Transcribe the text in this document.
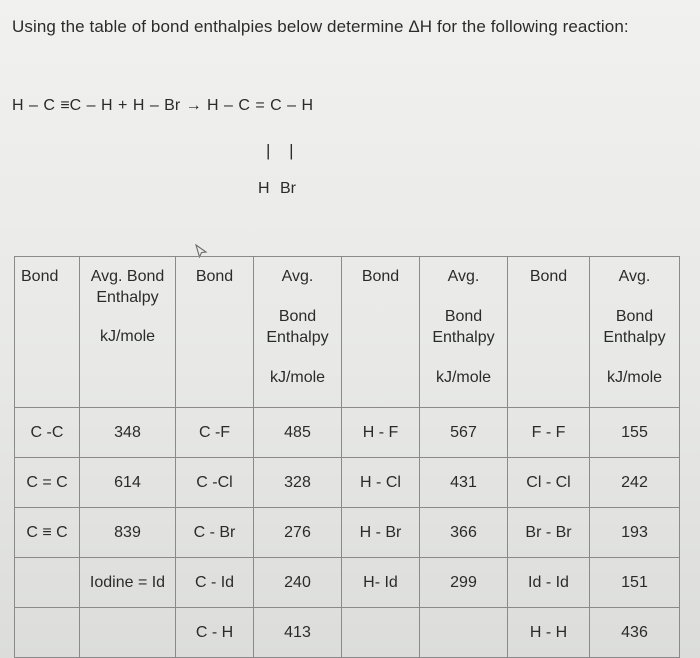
Using the table of bond enthalpies below determine ΔH for the following reaction:
H – C ≡C – H + H – Br → H – C = C – H
| |
H Br
Bond	Avg. Bond
Enthalpy
kJ/mole	Bond	Avg.
Bond
Enthalpy
kJ/mole	Bond	Avg.
Bond
Enthalpy
kJ/mole	Bond	Avg.
Bond
Enthalpy
kJ/mole

C -C	348	C -F	485	H - F	567	F - F	155
C = C	614	C -Cl	328	H - Cl	431	Cl - Cl	242
C ≡ C	839	C - Br	276	H - Br	366	Br - Br	193
	Iodine = Id	C - Id	240	H- Id	299	Id - Id	151
		C - H	413			H - H	436
